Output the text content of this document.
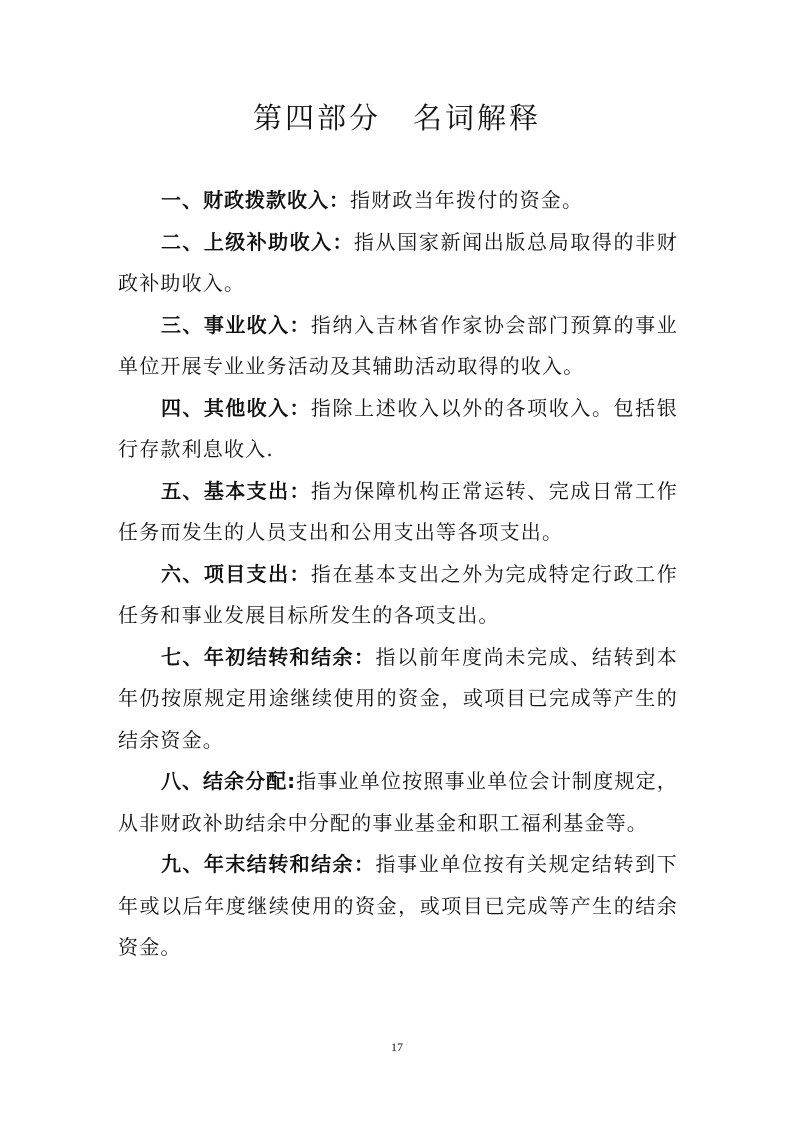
第四部分　名词解释

一、财政拨款收入：指财政当年拨付的资金。

二、上级补助收入：指从国家新闻出版总局取得的非财政补助收入。

三、事业收入：指纳入吉林省作家协会部门预算的事业单位开展专业业务活动及其辅助活动取得的收入。

四、其他收入：指除上述收入以外的各项收入。包括银行存款利息收入.

五、基本支出：指为保障机构正常运转、完成日常工作任务而发生的人员支出和公用支出等各项支出。

六、项目支出：指在基本支出之外为完成特定行政工作任务和事业发展目标所发生的各项支出。

七、年初结转和结余：指以前年度尚未完成、结转到本年仍按原规定用途继续使用的资金，或项目已完成等产生的结余资金。

八、结余分配:指事业单位按照事业单位会计制度规定，从非财政补助结余中分配的事业基金和职工福利基金等。

九、年末结转和结余：指事业单位按有关规定结转到下年或以后年度继续使用的资金，或项目已完成等产生的结余资金。

17
